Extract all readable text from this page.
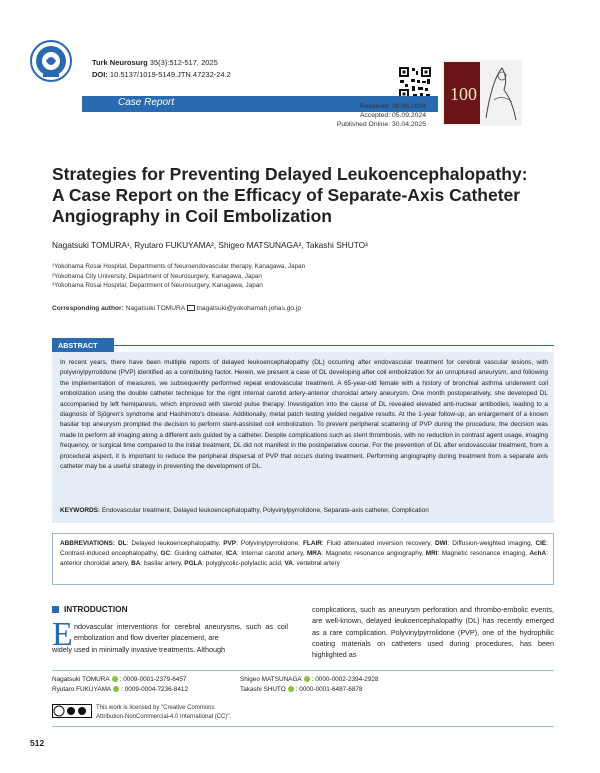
Turk Neurosurg 35(3):512-517, 2025
DOI: 10.5137/1019-5149.JTN.47232-24.2
100
Case Report	Received: 28.06.2024
Accepted: 05.09.2024
Published Online: 30.04.2025
Strategies for Preventing Delayed Leukoencephalopathy:
A Case Report on the Efficacy of Separate-Axis Catheter
Angiography in Coil Embolization
Nagatsuki TOMURA¹, Ryutaro FUKUYAMA², Shigeo MATSUNAGA², Takashi SHUTO³
¹Yokohama Rosai Hospital, Departments of Neuroendovascular therapy, Kanagawa, Japan
²Yokohama City University, Department of Neurosurgery, Kanagawa, Japan
³Yokohama Rosai Hospital, Department of Neurosurgery, Kanagawa, Japan
Corresponding author: Nagatsuki TOMURA  tnagatsuki@yokohamah.johas.go.jp
ABSTRACT
In recent years, there have been multiple reports of delayed leukoencephalopathy (DL) occurring after endovascular treatment for cerebral vascular lesions, with polyvinylpyrrolidone (PVP) identified as a contributing factor. Herein, we present a case of DL developing after coil embolization for an unruptured aneurysm, and following the implementation of measures, we subsequently performed repeat endovascular treatment. A 65-year-old female with a history of bronchial asthma underwent coil embolization using the double catheter technique for the right internal carotid artery-anterior choroidal artery aneurysm. One month postoperatively, she developed DL accompanied by left hemiparesis, which improved with steroid pulse therapy. Investigation into the cause of DL revealed elevated anti-nuclear antibodies, leading to a diagnosis of Sjögren's syndrome and Hashimoto's disease. Additionally, metal patch testing yielded negative results. At the 1-year follow-up, an enlargement of a known basilar top aneurysm prompted the decision to perform stent-assisted coil embolization. To prevent peripheral scattering of PVP during the procedure, the decision was made to perform all imaging along a different axis guided by a catheter. Despite complications such as stent thrombosis, with no reduction in contrast agent usage, imaging frequency, or surgical time compared to the initial treatment, DL did not manifest in the postoperative course. For the prevention of DL after endovascular treatment, from a procedural aspect, it is important to reduce the peripheral dispersal of PVP that occurs during treatment. Performing angiography during treatment from a separate axis catheter may be a useful strategy in preventing the development of DL.
KEYWORDS: Endovascular treatment, Delayed leukoencephalopathy, Polyvinylpyrrolidone, Separate-axis catheter, Complication
ABBREVIATIONS: DL: Delayed leukoencephalopathy, PVP: Polyvinylpyrrolidone, FLAIR: Fluid attenuated inversion recovery, DWI: Diffusion-weighted imaging, CIE: Contrast-induced encephalopathy, GC: Guiding catheter, ICA: Internal carotid artery, MRA: Magnetic resonance angiography, MRI: Magnetic resonance imaging, AchA: anterior choroidal artery, BA: basilar artery, PGLA: polyglycolic-polylactic acid, VA: vertebral artery
INTRODUCTION
E ndovascular interventions for cerebral aneurysms, such as coil embolization and flow diverter placement, are
widely used in minimally invasive treatments. Although
complications, such as aneurysm perforation and thrombo-embolic events, are well-known, delayed leukoencephalopathy (DL) has recently emerged as a rare complication. Polyvinylpyrrolidone (PVP), one of the hydrophilic coating materials on catheters used during procedures, has been highlighted as
Nagatsuki TOMURA : 0009-0001-2379-6457
Ryutaro FUKUYAMA : 0009-0004-7236-8412
Shigeo MATSUNAGA : 0000-0002-2394-2928
Takashi SHUTO : 0000-0001-6487-6878
This work is licensed by "Creative Commons
Attribution-NonCommercial-4.0 International (CC)".
512
